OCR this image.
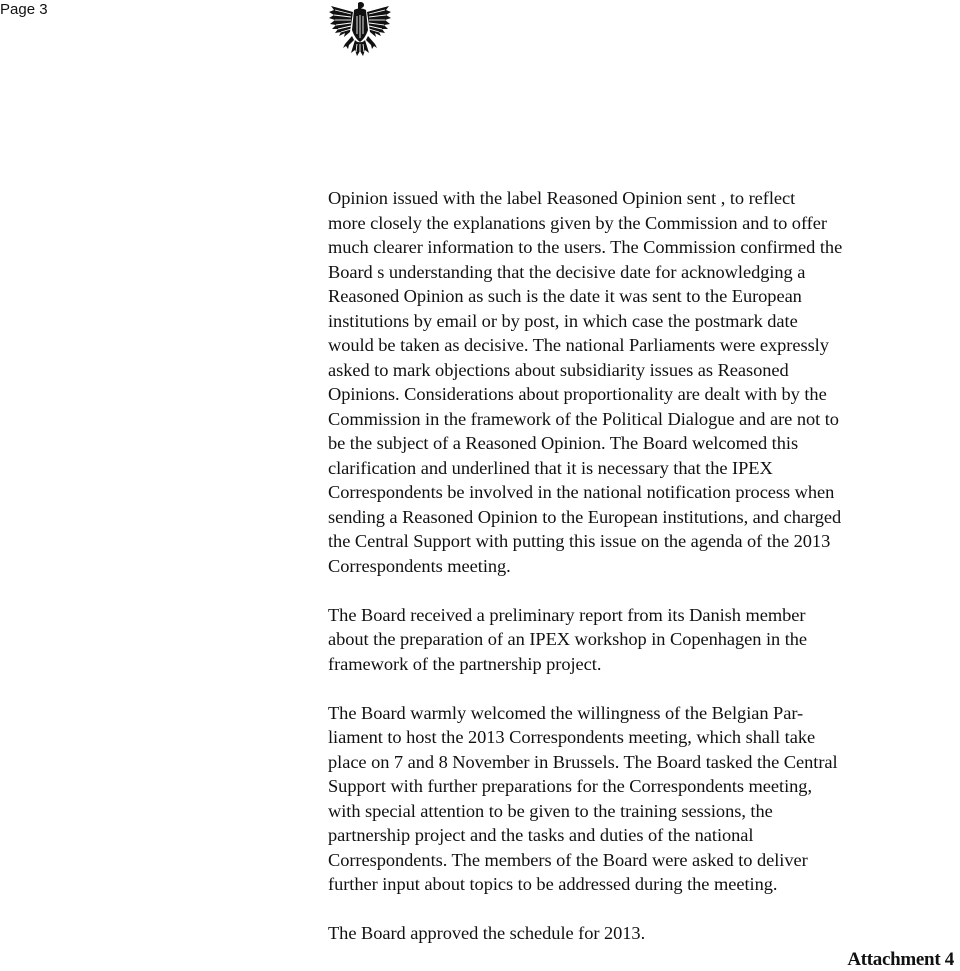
Page 3

Opinion issued with the label Reasoned Opinion sent , to reflect
more closely the explanations given by the Commission and to offer
much clearer information to the users. The Commission confirmed the
Board s understanding that the decisive date for acknowledging a
Reasoned Opinion as such is the date it was sent to the European
institutions by email or by post, in which case the postmark date
would be taken as decisive. The national Parliaments were expressly
asked to mark objections about subsidiarity issues as Reasoned
Opinions. Considerations about proportionality are dealt with by the
Commission in the framework of the Political Dialogue and are not to
be the subject of a Reasoned Opinion. The Board welcomed this
clarification and underlined that it is necessary that the IPEX
Correspondents be involved in the national notification process when
sending a Reasoned Opinion to the European institutions, and charged
the Central Support with putting this issue on the agenda of the 2013
Correspondents meeting.

The Board received a preliminary report from its Danish member
about the preparation of an IPEX workshop in Copenhagen in the
framework of the partnership project.

The Board warmly welcomed the willingness of the Belgian Par-
liament to host the 2013 Correspondents meeting, which shall take
place on 7 and 8 November in Brussels. The Board tasked the Central
Support with further preparations for the Correspondents meeting,
with special attention to be given to the training sessions, the
partnership project and the tasks and duties of the national
Correspondents. The members of the Board were asked to deliver
further input about topics to be addressed during the meeting.

The Board approved the schedule for 2013.

Attachment 4
